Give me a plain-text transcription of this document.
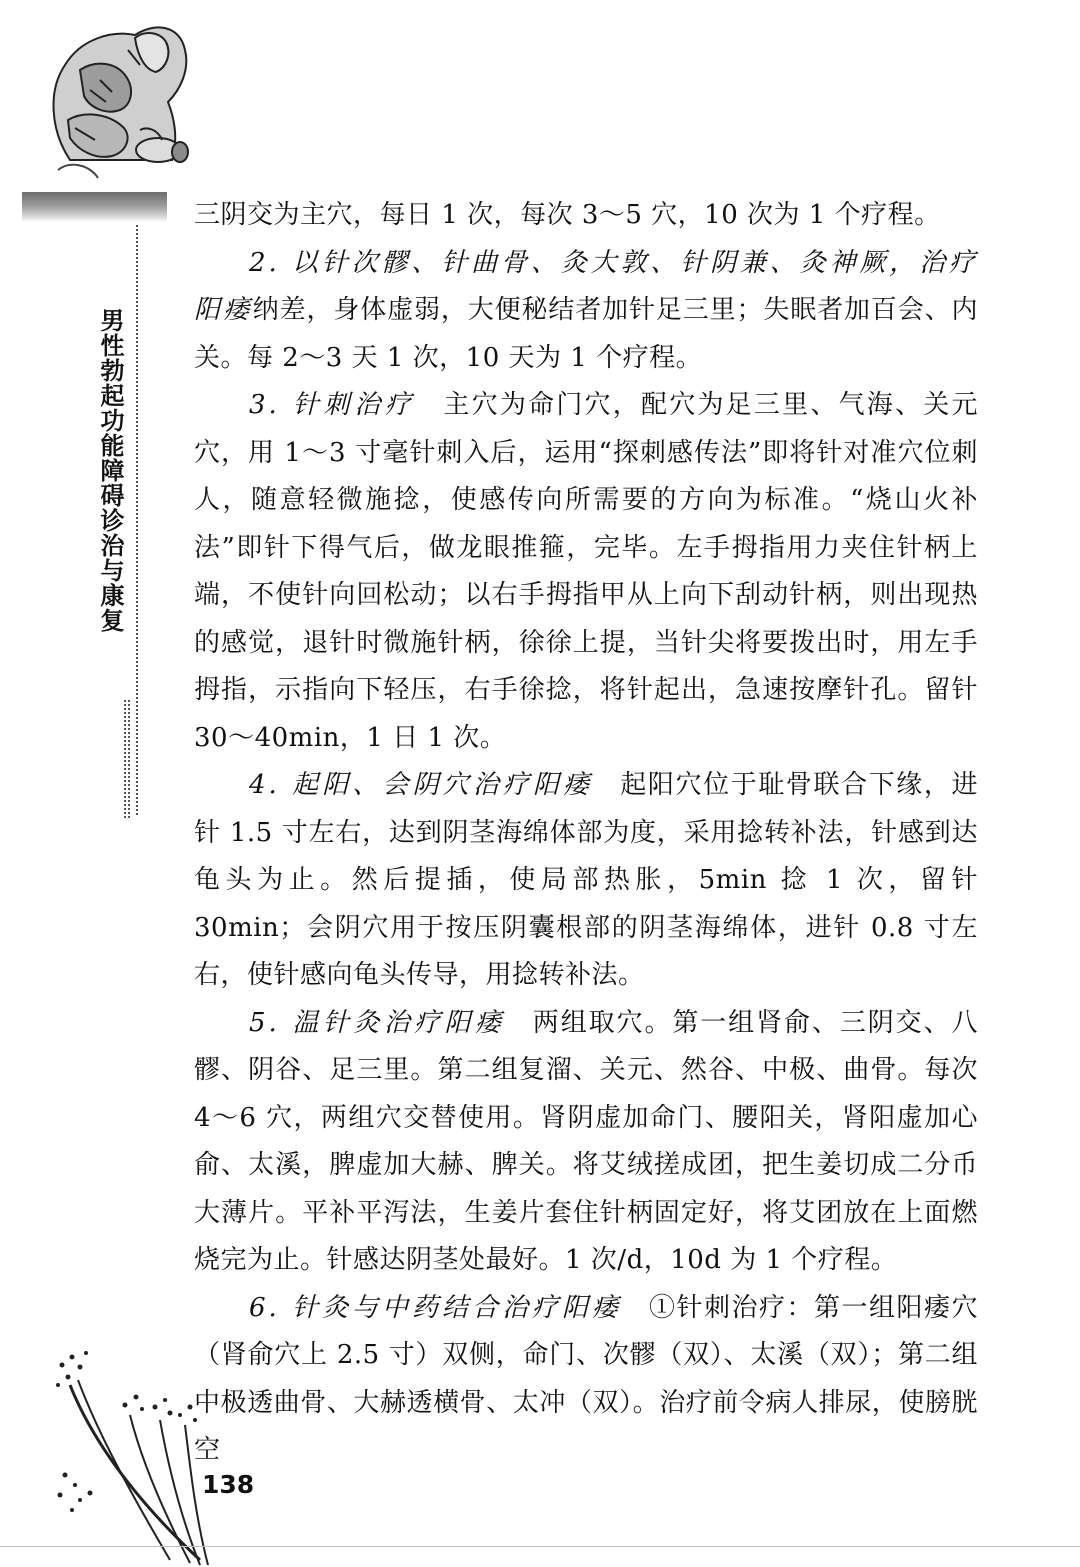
男性勃起功能障碍诊治与康复

三阴交为主穴，每日 1 次，每次 3～5 穴，10 次为 1 个疗程。

2. 以针次髎、针曲骨、灸大敦、针阴兼、灸神厥，治疗阳痿纳差，身体虚弱，大便秘结者加针足三里；失眠者加百会、内关。每 2～3 天 1 次，10 天为 1 个疗程。

3. 针刺治疗 主穴为命门穴，配穴为足三里、气海、关元穴，用 1～3 寸毫针刺入后，运用“探刺感传法”即将针对准穴位刺人，随意轻微施捻，使感传向所需要的方向为标准。“烧山火补法”即针下得气后，做龙眼推箍，完毕。左手拇指用力夹住针柄上端，不使针向回松动；以右手拇指甲从上向下刮动针柄，则出现热的感觉，退针时微施针柄，徐徐上提，当针尖将要拨出时，用左手拇指，示指向下轻压，右手徐捻，将针起出，急速按摩针孔。留针 30～40min，1 日 1 次。

4. 起阳、会阴穴治疗阳痿 起阳穴位于耻骨联合下缘，进针 1.5 寸左右，达到阴茎海绵体部为度，采用捻转补法，针感到达龟头为止。然后提插，使局部热胀，5min 捻 1 次，留针 30min；会阴穴用于按压阴囊根部的阴茎海绵体，进针 0.8 寸左右，使针感向龟头传导，用捻转补法。

5. 温针灸治疗阳痿 两组取穴。第一组肾俞、三阴交、八髎、阴谷、足三里。第二组复溜、关元、然谷、中极、曲骨。每次 4～6 穴，两组穴交替使用。肾阴虚加命门、腰阳关，肾阳虚加心俞、太溪，脾虚加大赫、脾关。将艾绒搓成团，把生姜切成二分币大薄片。平补平泻法，生姜片套住针柄固定好，将艾团放在上面燃烧完为止。针感达阴茎处最好。1 次/d，10d 为 1 个疗程。

6. 针灸与中药结合治疗阳痿 ①针刺治疗：第一组阳痿穴（肾俞穴上 2.5 寸）双侧，命门、次髎（双）、太溪（双）；第二组中极透曲骨、大赫透横骨、太冲（双）。治疗前令病人排尿，使膀胱空

138
